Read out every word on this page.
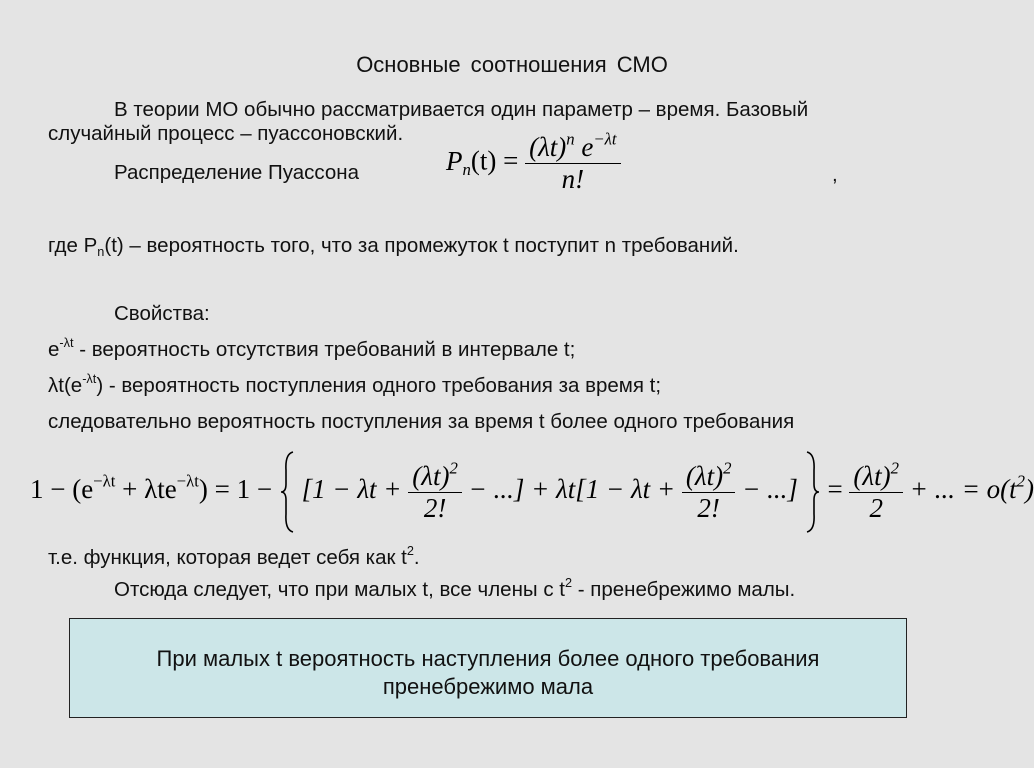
Основные соотношения СМО
В теории МО обычно рассматривается один параметр – время. Базовый
случайный процесс – пуассоновский.
Распределение Пуассона	,
$P_n(t) = \frac{(\lambda t)^n e^{-\lambda t}}{n!}$
где $P_n(t)$ – вероятность того, что за промежуток t поступит n требований.
Свойства:
$e^{-\lambda t}$ - вероятность отсутствия требований в интервале t;
$\lambda t(e^{-\lambda t})$ - вероятность поступления одного требования за время t;
следовательно вероятность поступления за время t более одного требования
$1 - (e^{-\lambda t} + \lambda te^{-\lambda t}) = 1 - [1 - \lambda t + \frac{(\lambda t)^2}{2!}$ − ...] + $\lambda t[1 - \lambda t + \frac{(\lambda t)^2}{2!}$ − ...] = $\frac{(\lambda t)^2}{2}$ + ... = $o(t^2)$
т.е. функция, которая ведет себя как $t^2$.
Отсюда следует, что при малых t, все члены с $t^2$ - пренебрежимо малы.
При малых t вероятность наступления более одного требования
пренебрежимо мала
